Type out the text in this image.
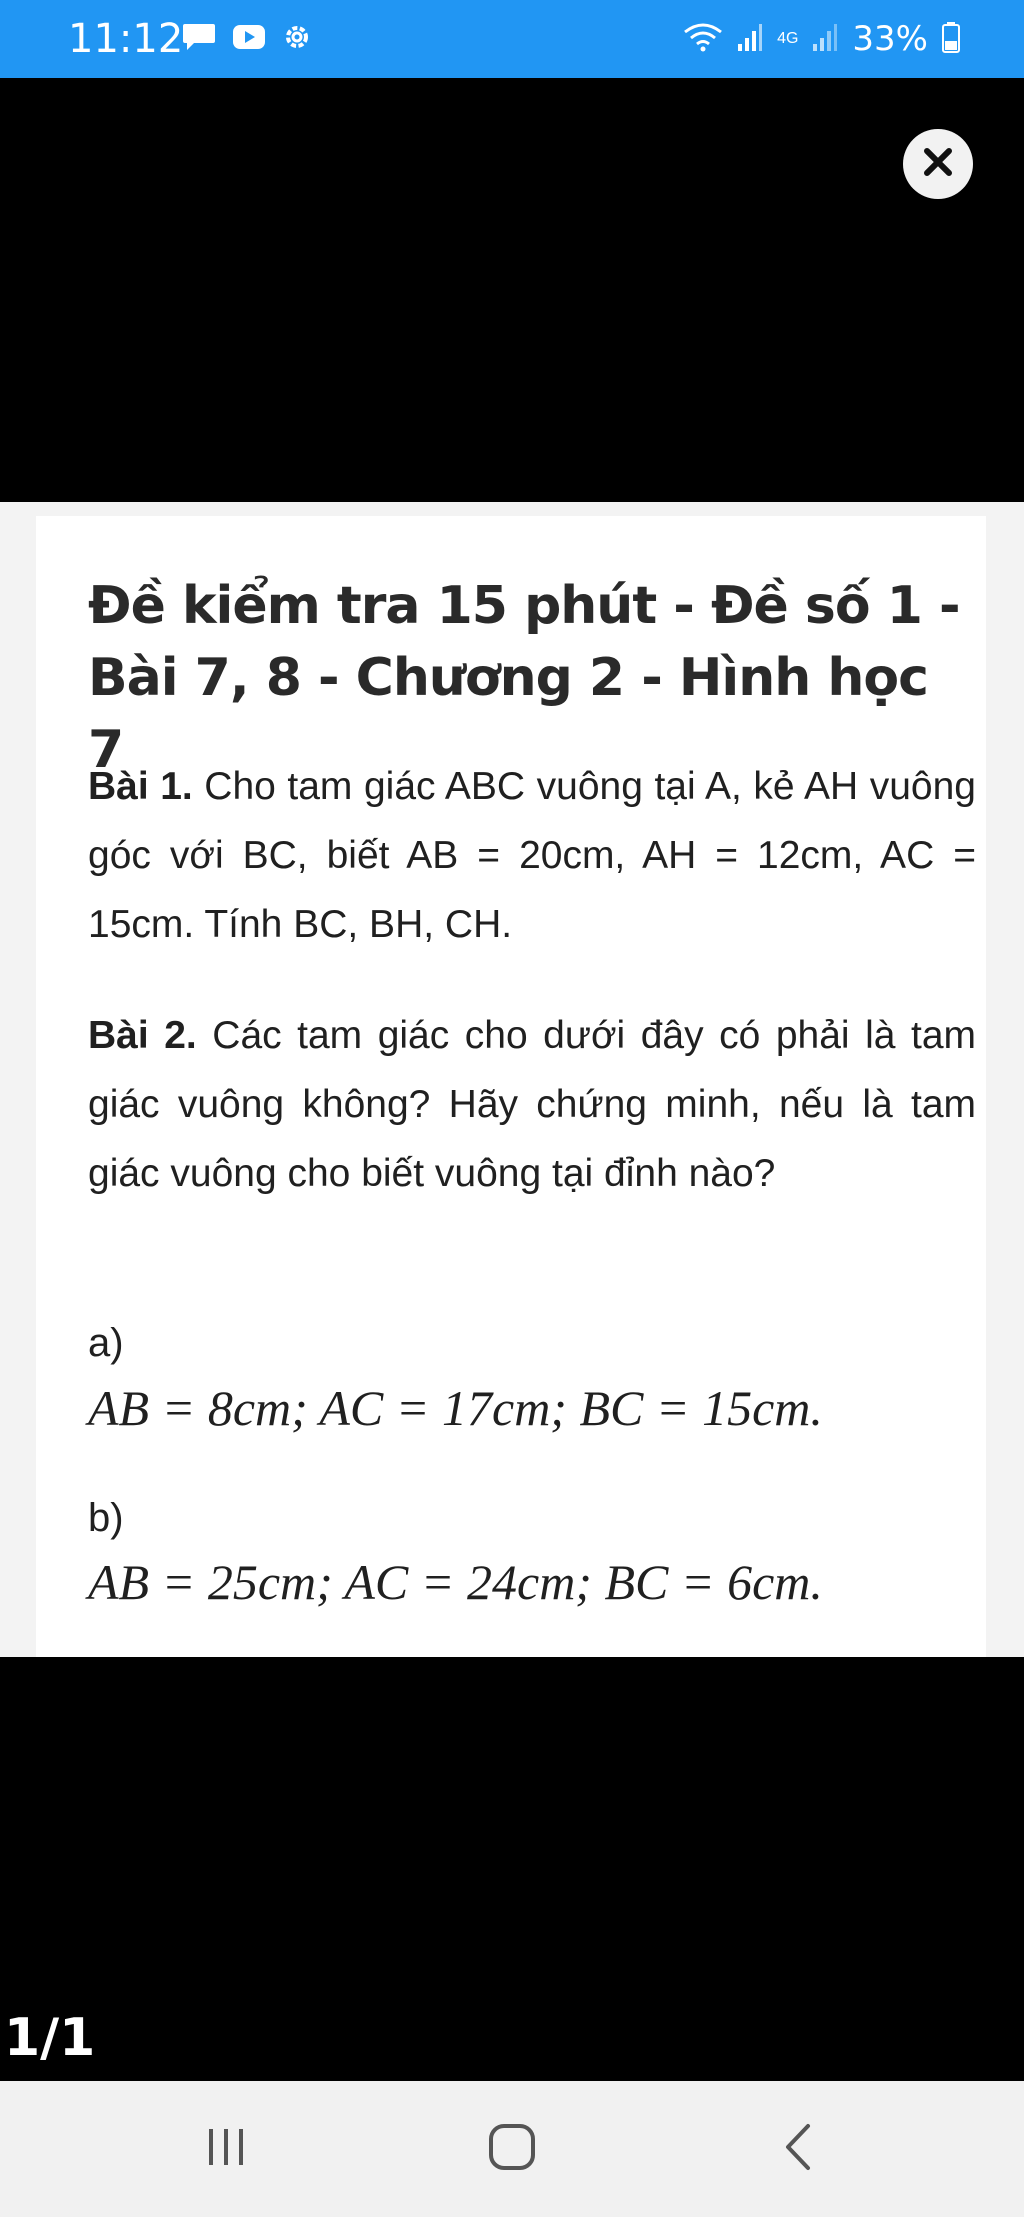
11:12	4G 33%
Đề kiểm tra 15 phút - Đề số 1 -
Bài 7, 8 - Chương 2 - Hình học 7
Bài 1. Cho tam giác ABC vuông tại A, kẻ AH vuông góc với BC, biết AB = 20cm, AH = 12cm, AC = 15cm. Tính BC, BH, CH.
Bài 2. Các tam giác cho dưới đây có phải là tam giác vuông không? Hãy chứng minh, nếu là tam giác vuông cho biết vuông tại đỉnh nào?
a)
AB = 8cm; AC = 17cm; BC = 15cm.
b)
AB = 25cm; AC = 24cm; BC = 6cm.
1/1
